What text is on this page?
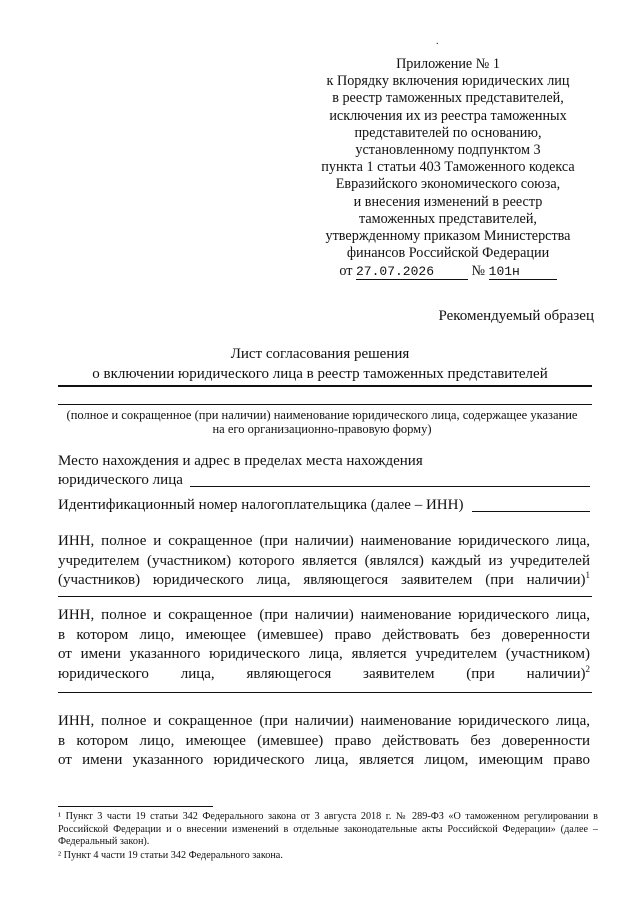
.
Приложение № 1
к Порядку включения юридических лиц
в реестр таможенных представителей,
исключения их из реестра таможенных
представителей по основанию,
установленному подпунктом 3
пункта 1 статьи 403 Таможенного кодекса
Евразийского экономического союза,
и внесения изменений в реестр
таможенных представителей,
утвержденному приказом Министерства
финансов Российской Федерации
от 27.07.2026	№ 101н
Рекомендуемый образец
Лист согласования решения
о включении юридического лица в реестр таможенных представителей
(полное и сокращенное (при наличии) наименование юридического лица, содержащее указание
на его организационно-правовую форму)
Место нахождения и адрес в пределах места нахождения
юридического лица
Идентификационный номер налогоплательщика (далее – ИНН)
ИНН, полное и сокращенное (при наличии) наименование юридического лица,
учредителем (участником) которого является (являлся) каждый из учредителей
(участников) юридического лица, являющегося заявителем (при наличии)$^1$
ИНН, полное и сокращенное (при наличии) наименование юридического лица,
в котором лицо, имеющее (имевшее) право действовать без доверенности
от имени указанного юридического лица, является учредителем (участником)
юридического лица, являющегося заявителем (при наличии)$^2$
ИНН, полное и сокращенное (при наличии) наименование юридического лица,
в котором лицо, имеющее (имевшее) право действовать без доверенности
от имени указанного юридического лица, является лицом, имеющим право
¹ Пункт 3 части 19 статьи 342 Федерального закона от 3 августа 2018 г. № 289-ФЗ «О таможенном регулировании в Российской Федерации и о внесении изменений в отдельные законодательные акты Российской Федерации» (далее – Федеральный закон).
² Пункт 4 части 19 статьи 342 Федерального закона.
